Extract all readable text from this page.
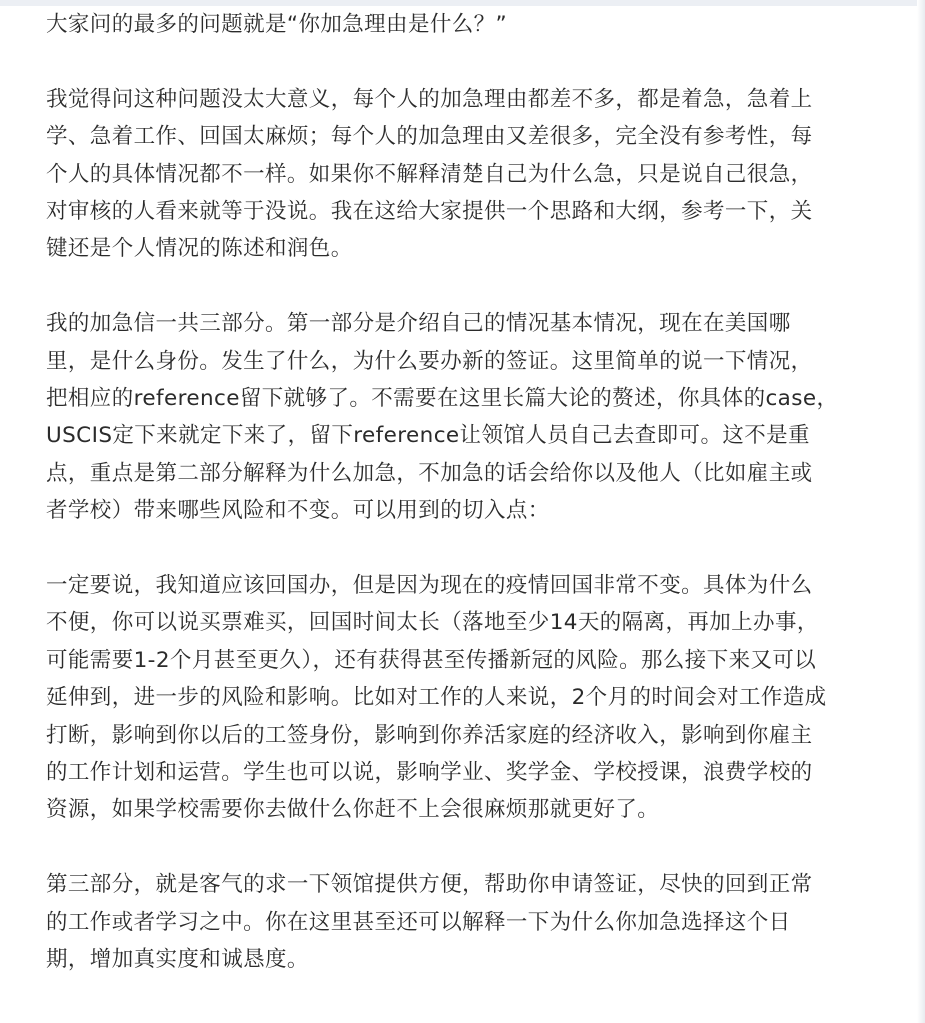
大家问的最多的问题就是“你加急理由是什么？”

我觉得问这种问题没太大意义，每个人的加急理由都差不多，都是着急，急着上
学、急着工作、回国太麻烦；每个人的加急理由又差很多，完全没有参考性，每
个人的具体情况都不一样。如果你不解释清楚自己为什么急，只是说自己很急，
对审核的人看来就等于没说。我在这给大家提供一个思路和大纲，参考一下，关
键还是个人情况的陈述和润色。

我的加急信一共三部分。第一部分是介绍自己的情况基本情况，现在在美国哪
里，是什么身份。发生了什么，为什么要办新的签证。这里简单的说一下情况，
把相应的reference留下就够了。不需要在这里长篇大论的赘述，你具体的case，
USCIS定下来就定下来了，留下reference让领馆人员自己去查即可。这不是重
点，重点是第二部分解释为什么加急，不加急的话会给你以及他人（比如雇主或
者学校）带来哪些风险和不变。可以用到的切入点：

一定要说，我知道应该回国办，但是因为现在的疫情回国非常不变。具体为什么
不便，你可以说买票难买，回国时间太长（落地至少14天的隔离，再加上办事，
可能需要1-2个月甚至更久），还有获得甚至传播新冠的风险。那么接下来又可以
延伸到，进一步的风险和影响。比如对工作的人来说，2个月的时间会对工作造成
打断，影响到你以后的工签身份，影响到你养活家庭的经济收入，影响到你雇主
的工作计划和运营。学生也可以说，影响学业、奖学金、学校授课，浪费学校的
资源，如果学校需要你去做什么你赶不上会很麻烦那就更好了。

第三部分，就是客气的求一下领馆提供方便，帮助你申请签证，尽快的回到正常
的工作或者学习之中。你在这里甚至还可以解释一下为什么你加急选择这个日
期，增加真实度和诚恳度。
